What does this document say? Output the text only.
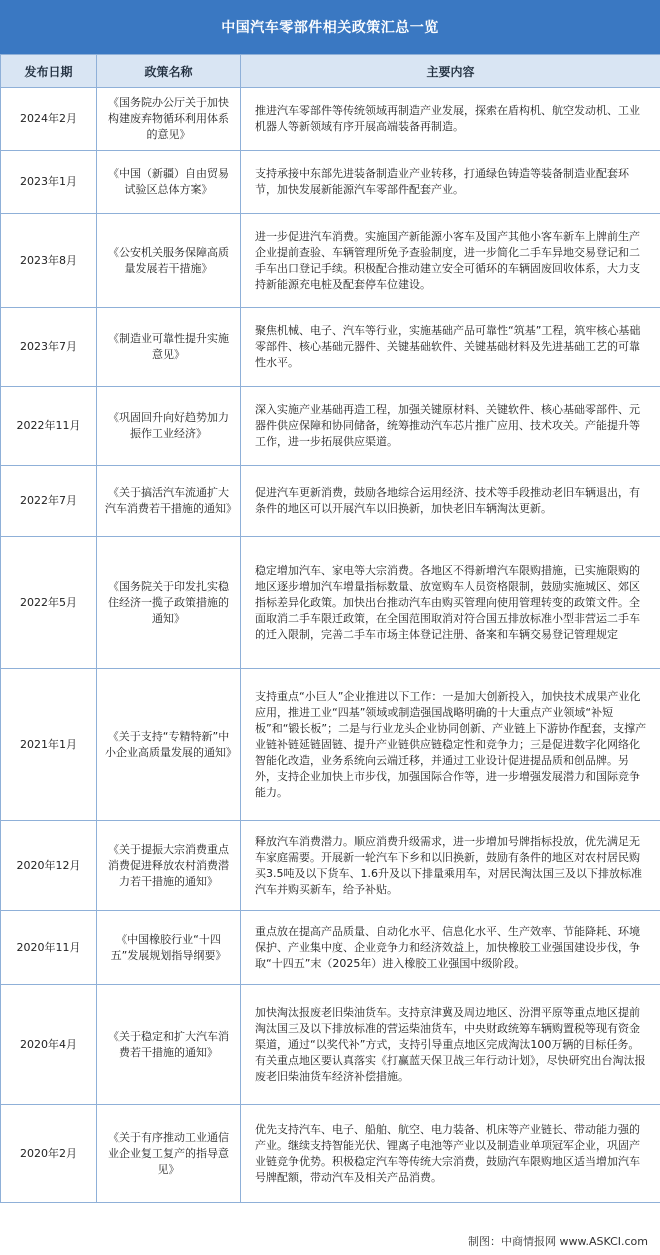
中国汽车零部件相关政策汇总一览
发布日期	政策名称	主要内容
2024年2月	《国务院办公厅关于加快构建废弃物循环利用体系的意见》	推进汽车零部件等传统领域再制造产业发展，探索在盾构机、航空发动机、工业机器人等新领域有序开展高端装备再制造。
2023年1月	《中国（新疆）自由贸易试验区总体方案》	支持承接中东部先进装备制造业产业转移，打通绿色铸造等装备制造业配套环节，加快发展新能源汽车零部件配套产业。
2023年8月	《公安机关服务保障高质量发展若干措施》	进一步促进汽车消费。实施国产新能源小客车及国产其他小客车新车上牌前生产企业提前查验、车辆管理所免予查验制度，进一步简化二手车异地交易登记和二手车出口登记手续。积极配合推动建立安全可循环的车辆固废回收体系，大力支持新能源充电桩及配套停车位建设。
2023年7月	《制造业可靠性提升实施意见》	聚焦机械、电子、汽车等行业，实施基础产品可靠性“筑基”工程，筑牢核心基础零部件、核心基础元器件、关键基础软件、关键基础材料及先进基础工艺的可靠性水平。
2022年11月	《巩固回升向好趋势加力振作工业经济》	深入实施产业基础再造工程，加强关键原材料、关键软件、核心基础零部件、元器件供应保障和协同储备，统筹推动汽车芯片推广应用、技术攻关。产能提升等工作，进一步拓展供应渠道。
2022年7月	《关于搞活汽车流通扩大汽车消费若干措施的通知》	促进汽车更新消费，鼓励各地综合运用经济、技术等手段推动老旧车辆退出，有条件的地区可以开展汽车以旧换新，加快老旧车辆淘汰更新。
2022年5月	《国务院关于印发扎实稳住经济一揽子政策措施的通知》	稳定增加汽车、家电等大宗消费。各地区不得新增汽车限购措施，已实施限购的地区逐步增加汽车增量指标数量、放宽购车人员资格限制，鼓励实施城区、郊区指标差异化政策。加快出台推动汽车由购买管理向使用管理转变的政策文件。全面取消二手车限迁政策，在全国范围取消对符合国五排放标准小型非营运二手车的迁入限制，完善二手车市场主体登记注册、备案和车辆交易登记管理规定
2021年1月	《关于支持“专精特新”中小企业高质量发展的通知》	支持重点“小巨人”企业推进以下工作：一是加大创新投入，加快技术成果产业化应用，推进工业“四基”领域或制造强国战略明确的十大重点产业领域“补短板”和“锻长板”；二是与行业龙头企业协同创新、产业链上下游协作配套，支撑产业链补链延链固链、提升产业链供应链稳定性和竞争力；三是促进数字化网络化智能化改造，业务系统向云端迁移，并通过工业设计促进提品质和创品牌。另外，支持企业加快上市步伐，加强国际合作等，进一步增强发展潜力和国际竞争能力。
2020年12月	《关于提振大宗消费重点消费促进释放农村消费潜力若干措施的通知》	释放汽车消费潜力。顺应消费升级需求，进一步增加号牌指标投放，优先满足无车家庭需要。开展新一轮汽车下乡和以旧换新，鼓励有条件的地区对农村居民购买3.5吨及以下货车、1.6升及以下排量乘用车，对居民淘汰国三及以下排放标准汽车并购买新车，给予补贴。
2020年11月	《中国橡胶行业“十四五”发展规划指导纲要》	重点放在提高产品质量、自动化水平、信息化水平、生产效率、节能降耗、环境保护、产业集中度、企业竞争力和经济效益上，加快橡胶工业强国建设步伐，争取“十四五”末（2025年）进入橡胶工业强国中级阶段。
2020年4月	《关于稳定和扩大汽车消费若干措施的通知》	加快淘汰报废老旧柴油货车。支持京津冀及周边地区、汾渭平原等重点地区提前淘汰国三及以下排放标准的营运柴油货车，中央财政统筹车辆购置税等现有资金渠道，通过“以奖代补”方式，支持引导重点地区完成淘汰100万辆的目标任务。有关重点地区要认真落实《打赢蓝天保卫战三年行动计划》，尽快研究出台淘汰报废老旧柴油货车经济补偿措施。
2020年2月	《关于有序推动工业通信业企业复工复产的指导意见》	优先支持汽车、电子、船舶、航空、电力装备、机床等产业链长、带动能力强的产业。继续支持智能光伏、锂离子电池等产业以及制造业单项冠军企业，巩固产业链竞争优势。积极稳定汽车等传统大宗消费，鼓励汽车限购地区适当增加汽车号牌配额，带动汽车及相关产品消费。
制图：中商情报网 www.ASKCI.com
